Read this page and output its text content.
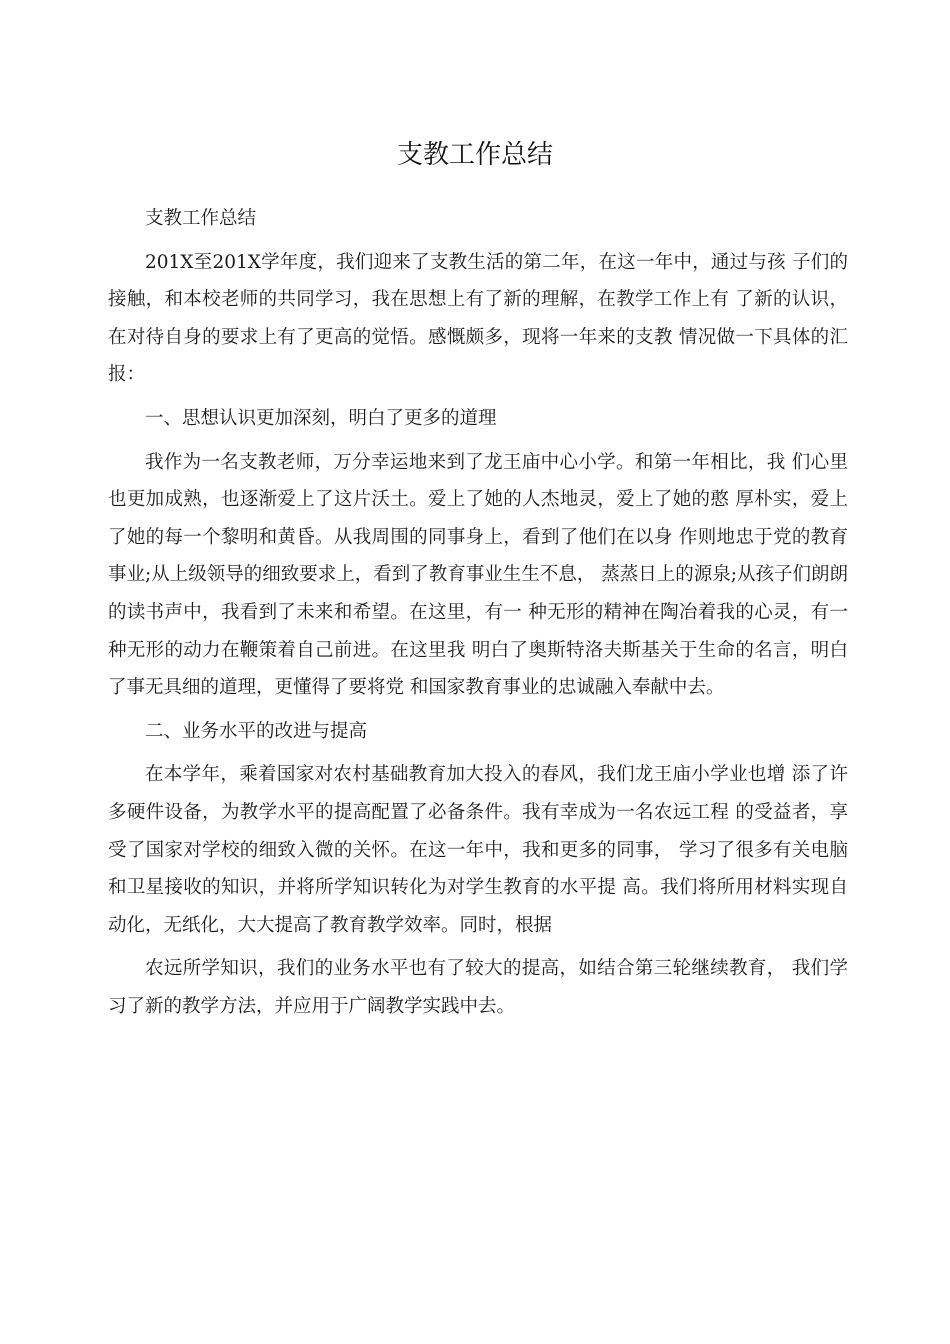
支教工作总结

支教工作总结

201X至201X学年度，我们迎来了支教生活的第二年，在这一年中，通过与孩 子们的接触，和本校老师的共同学习，我在思想上有了新的理解，在教学工作上有 了新的认识，在对待自身的要求上有了更高的觉悟。感慨颇多，现将一年来的支教 情况做一下具体的汇报：

一、思想认识更加深刻，明白了更多的道理

我作为一名支教老师，万分幸运地来到了龙王庙中心小学。和第一年相比，我 们心里也更加成熟，也逐渐爱上了这片沃土。爱上了她的人杰地灵，爱上了她的憨 厚朴实，爱上了她的每一个黎明和黄昏。从我周围的同事身上，看到了他们在以身 作则地忠于党的教育事业;从上级领导的细致要求上，看到了教育事业生生不息， 蒸蒸日上的源泉;从孩子们朗朗的读书声中，我看到了未来和希望。在这里，有一 种无形的精神在陶冶着我的心灵，有一种无形的动力在鞭策着自己前进。在这里我 明白了奥斯特洛夫斯基关于生命的名言，明白了事无具细的道理，更懂得了要将党 和国家教育事业的忠诚融入奉献中去。

二、业务水平的改进与提高

在本学年，乘着国家对农村基础教育加大投入的春风，我们龙王庙小学业也增 添了许多硬件设备，为教学水平的提高配置了必备条件。我有幸成为一名农远工程 的受益者，享受了国家对学校的细致入微的关怀。在这一年中，我和更多的同事， 学习了很多有关电脑和卫星接收的知识，并将所学知识转化为对学生教育的水平提 高。我们将所用材料实现自动化，无纸化，大大提高了教育教学效率。同时，根据

农远所学知识，我们的业务水平也有了较大的提高，如结合第三轮继续教育， 我们学习了新的教学方法，并应用于广阔教学实践中去。
